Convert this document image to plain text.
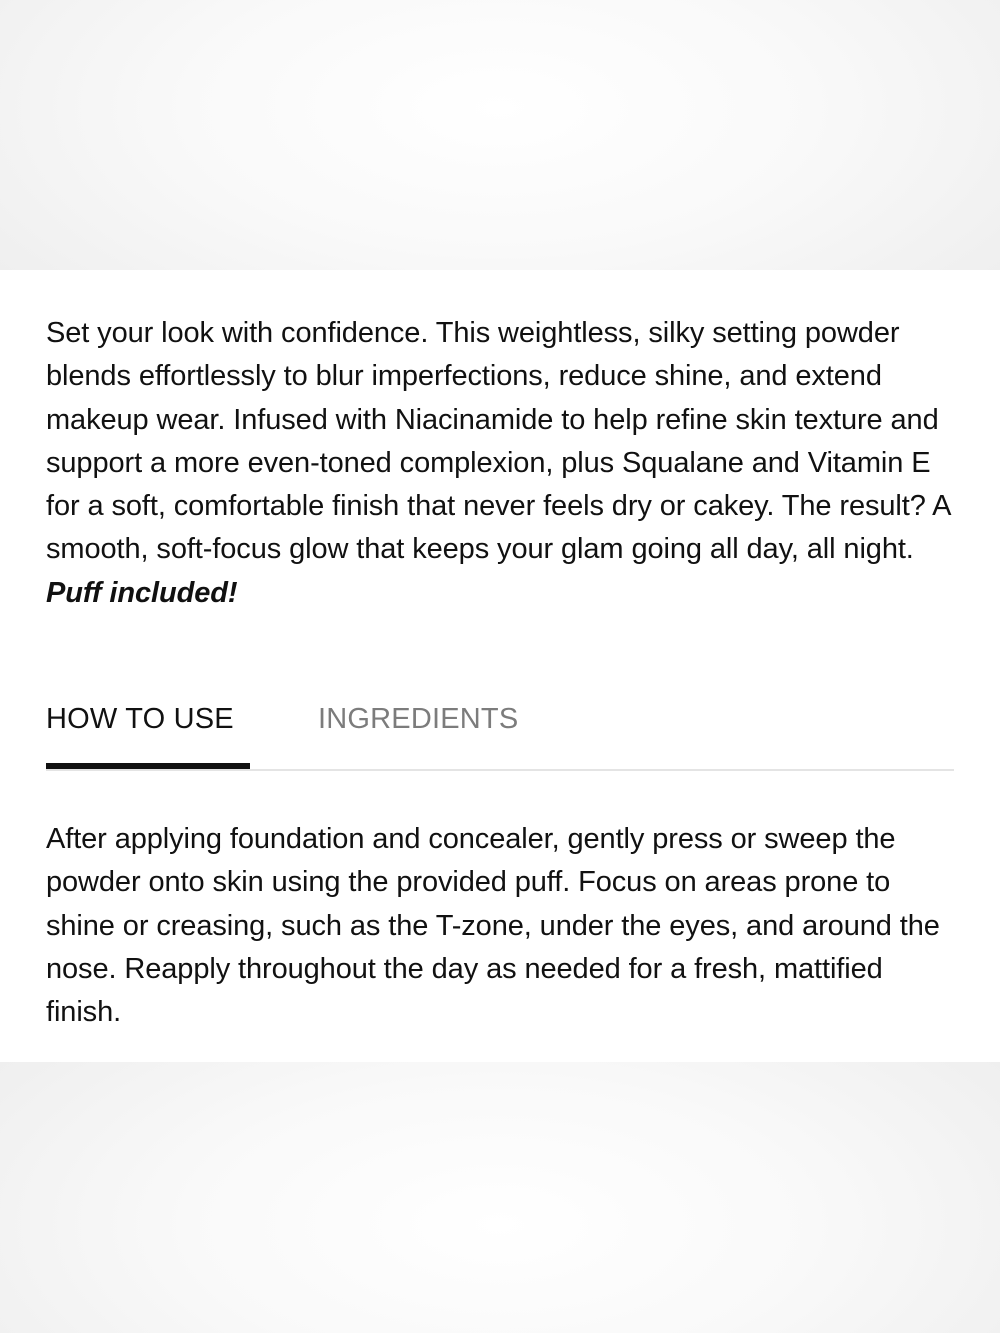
Set your look with confidence. This weightless, silky setting powder blends effortlessly to blur imperfections, reduce shine, and extend makeup wear. Infused with Niacinamide to help refine skin texture and support a more even-toned complexion, plus Squalane and Vitamin E for a soft, comfortable finish that never feels dry or cakey. The result? A smooth, soft-focus glow that keeps your glam going all day, all night. Puff included!

HOW TO USE	INGREDIENTS

After applying foundation and concealer, gently press or sweep the powder onto skin using the provided puff. Focus on areas prone to shine or creasing, such as the T-zone, under the eyes, and around the nose. Reapply throughout the day as needed for a fresh, mattified finish.
